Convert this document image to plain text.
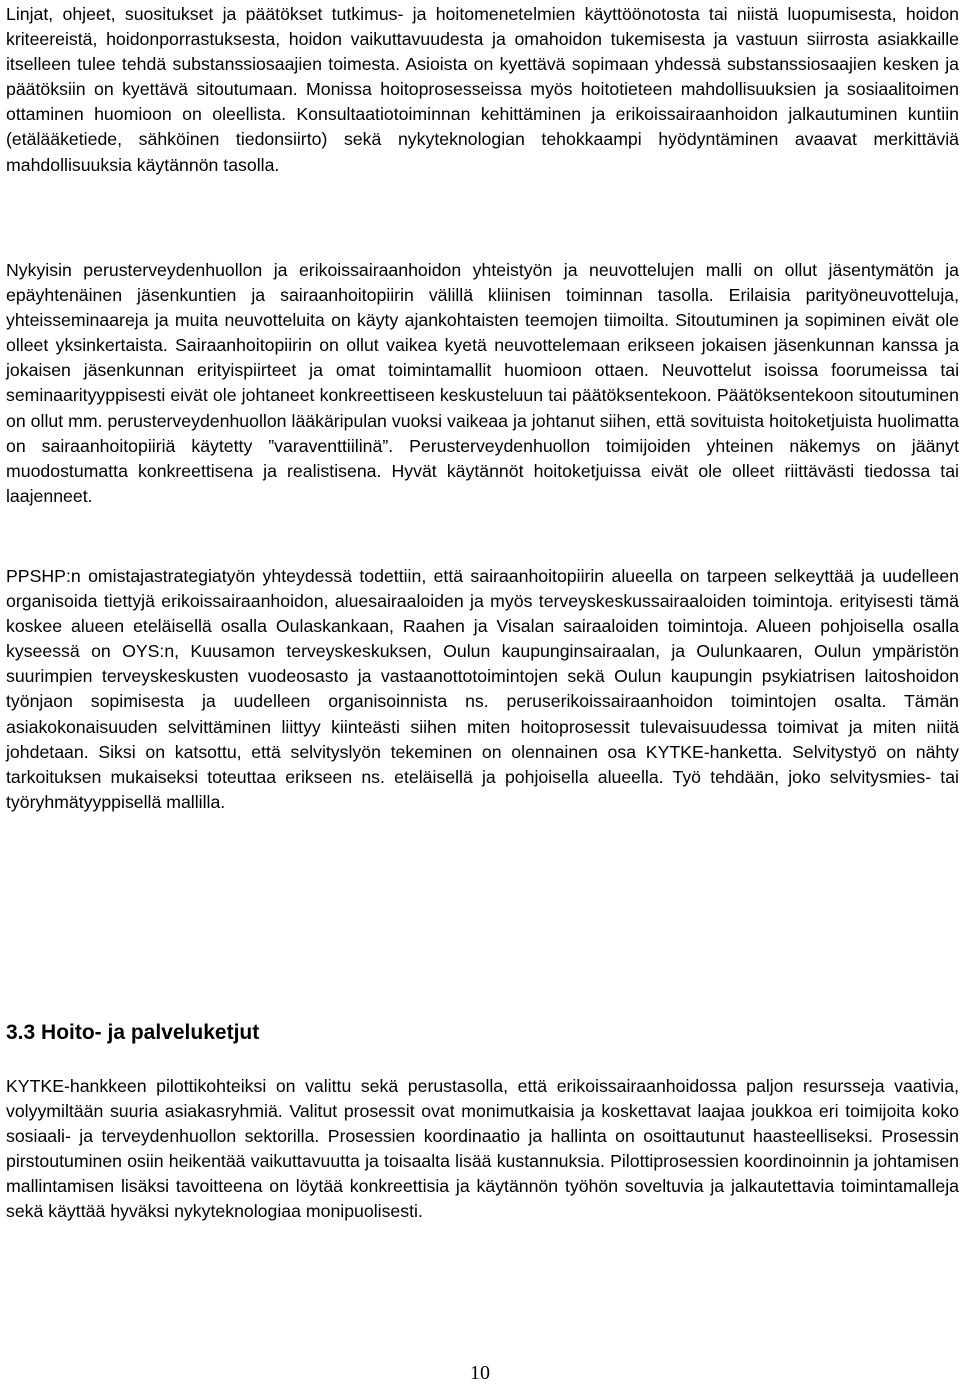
Linjat, ohjeet, suositukset ja päätökset tutkimus- ja hoitomenetelmien käyttöönotosta tai niistä luopumisesta, hoidon kriteereistä, hoidonporrastuksesta, hoidon vaikuttavuudesta ja omahoidon tukemisesta ja vastuun siirrosta asiakkaille itselleen tulee tehdä substanssiosaajien toimesta. Asioista on kyettävä sopimaan yhdessä substanssiosaajien kesken ja päätöksiin on kyettävä sitoutumaan. Monissa hoitoprosesseissa myös hoitotieteen mahdollisuuksien ja sosiaalitoimen ottaminen huomioon on oleellista. Konsultaatiotoiminnan kehittäminen ja erikoissairaanhoidon jalkautuminen kuntiin (etälääketiede, sähköinen tiedonsiirto) sekä nykyteknologian tehokkaampi hyödyntäminen avaavat merkittäviä mahdollisuuksia käytännön tasolla.

Nykyisin perusterveydenhuollon ja erikoissairaanhoidon yhteistyön ja neuvottelujen malli on ollut jäsentymätön ja epäyhtenäinen jäsenkuntien ja sairaanhoitopiirin välillä kliinisen toiminnan tasolla. Erilaisia parityöneuvotteluja, yhteisseminaareja ja muita neuvotteluita on käyty ajankohtaisten teemojen tiimoilta. Sitoutuminen ja sopiminen eivät ole olleet yksinkertaista. Sairaanhoitopiirin on ollut vaikea kyetä neuvottelemaan erikseen jokaisen jäsenkunnan kanssa ja jokaisen jäsenkunnan erityispiirteet ja omat toimintamallit huomioon ottaen. Neuvottelut isoissa foorumeissa tai seminaarityyppisesti eivät ole johtaneet konkreettiseen keskusteluun tai päätöksentekoon. Päätöksentekoon sitoutuminen on ollut mm. perusterveydenhuollon lääkäripulan vuoksi vaikeaa ja johtanut siihen, että sovituista hoitoketjuista huolimatta on sairaanhoitopiiriä käytetty ”varaventtiilinä”. Perusterveydenhuollon toimijoiden yhteinen näkemys on jäänyt muodostumatta konkreettisena ja realistisena. Hyvät käytännöt hoitoketjuissa eivät ole olleet riittävästi tiedossa tai laajenneet.

PPSHP:n omistajastrategiatyön yhteydessä todettiin, että sairaanhoitopiirin alueella on tarpeen selkeyttää ja uudelleen organisoida tiettyjä erikoissairaanhoidon, aluesairaaloiden ja myös terveyskeskussairaaloiden toimintoja. erityisesti tämä koskee alueen eteläisellä osalla Oulaskankaan, Raahen ja Visalan sairaaloiden toimintoja. Alueen pohjoisella osalla kyseessä on OYS:n, Kuusamon terveyskeskuksen, Oulun kaupunginsairaalan, ja Oulunkaaren, Oulun ympäristön suurimpien terveyskeskusten vuodeosasto ja vastaanottotoimintojen sekä Oulun kaupungin psykiatrisen laitoshoidon työnjaon sopimisesta ja uudelleen organisoinnista ns. peruserikoissairaanhoidon toimintojen osalta. Tämän asiakokonaisuuden selvittäminen liittyy kiinteästi siihen miten hoitoprosessit tulevaisuudessa toimivat ja miten niitä johdetaan. Siksi on katsottu, että selvityslyön tekeminen on olennainen osa KYTKE-hanketta. Selvitystyö on nähty tarkoituksen mukaiseksi toteuttaa erikseen ns. eteläisellä ja pohjoisella alueella. Työ tehdään, joko selvitysmies- tai työryhmätyyppisellä mallilla.

3.3 Hoito- ja palveluketjut

KYTKE-hankkeen pilottikohteiksi on valittu sekä perustasolla, että erikoissairaanhoidossa paljon resursseja vaativia, volyymiltään suuria asiakasryhmiä. Valitut prosessit ovat monimutkaisia ja koskettavat laajaa joukkoa eri toimijoita koko sosiaali- ja terveydenhuollon sektorilla. Prosessien koordinaatio ja hallinta on osoittautunut haasteelliseksi. Prosessin pirstoutuminen osiin heikentää vaikuttavuutta ja toisaalta lisää kustannuksia. Pilottiprosessien koordinoinnin ja johtamisen mallintamisen lisäksi tavoitteena on löytää konkreettisia ja käytännön työhön soveltuvia ja jalkautettavia toimintamalleja sekä käyttää hyväksi nykyteknologiaa monipuolisesti.

10
